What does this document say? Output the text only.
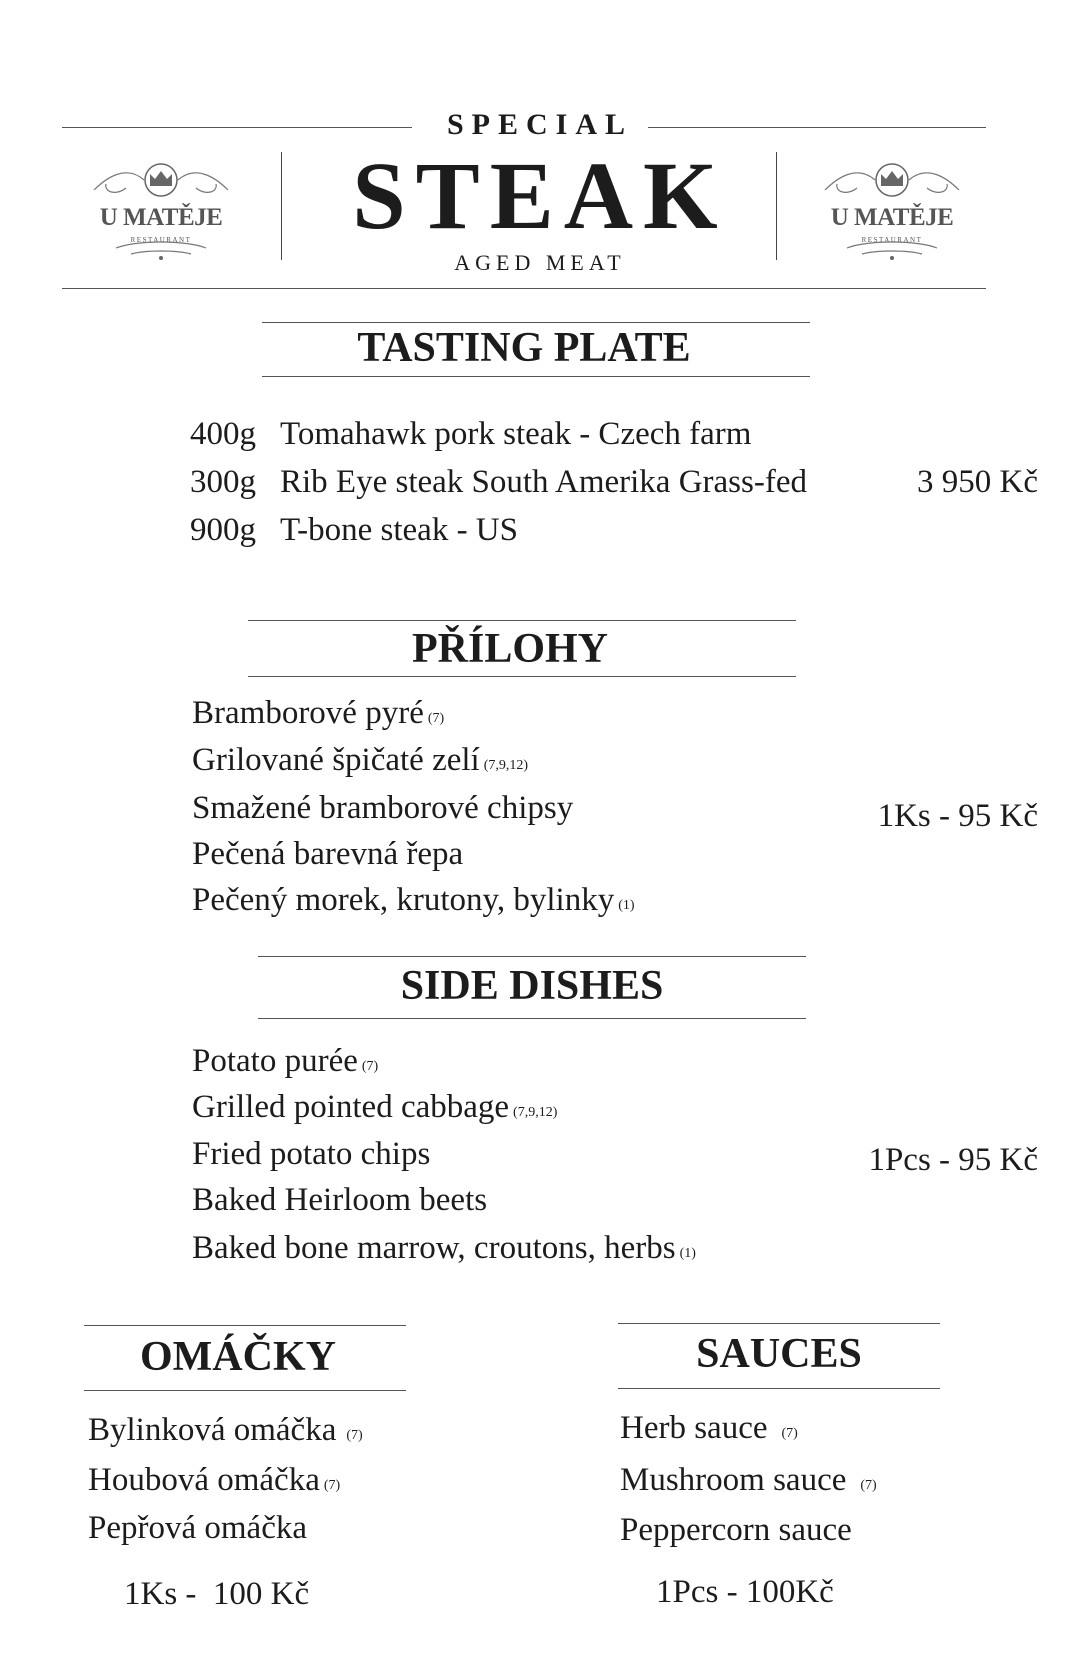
SPECIAL
STEAK
AGED MEAT
U MATĚJE
RESTAURANT
U MATĚJE
RESTAURANT
TASTING PLATE
400g Tomahawk pork steak - Czech farm
300g Rib Eye steak South Amerika Grass-fed
900g T-bone steak - US
3 950 Kč
PŘÍLOHY
Bramborové pyré (7)
Grilované špičaté zelí (7,9,12)
Smažené bramborové chipsy
Pečená barevná řepa
Pečený morek, krutony, bylinky (1)
1Ks - 95 Kč
SIDE DISHES
Potato purée (7)
Grilled pointed cabbage (7,9,12)
Fried potato chips
Baked Heirloom beets
Baked bone marrow, croutons, herbs (1)
1Pcs - 95 Kč
OMÁČKY
Bylinková omáčka (7)
Houbová omáčka (7)
Pepřová omáčka
1Ks -  100 Kč
SAUCES
Herb sauce (7)
Mushroom sauce (7)
Peppercorn sauce
1Pcs - 100Kč
